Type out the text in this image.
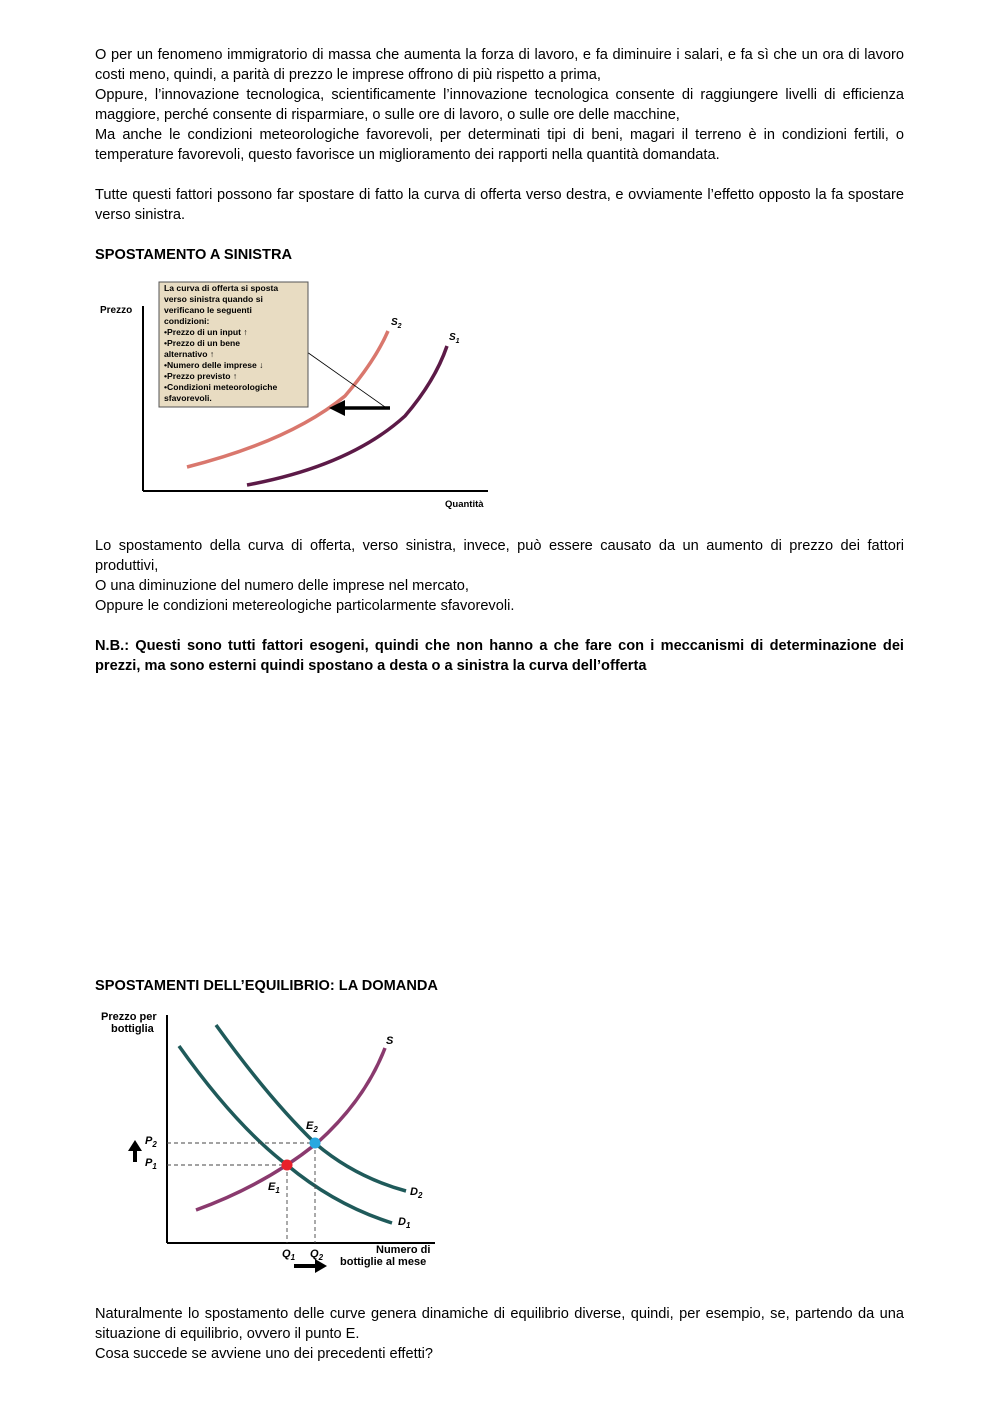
O per un fenomeno immigratorio di massa che aumenta la forza di lavoro, e fa diminuire i salari, e fa sì che un ora di lavoro costi meno, quindi, a parità di prezzo le imprese offrono di più rispetto a prima,

Oppure, l’innovazione tecnologica, scientificamente l’innovazione tecnologica consente di raggiungere livelli di efficienza maggiore, perché consente di risparmiare, o sulle ore di lavoro, o sulle ore delle macchine,

Ma anche le condizioni meteorologiche favorevoli, per determinati tipi di beni, magari il terreno è in condizioni fertili, o temperature favorevoli, questo favorisce un miglioramento dei rapporti nella quantità domandata.

Tutte questi fattori possono far spostare di fatto la curva di offerta verso destra, e ovviamente l’effetto opposto la fa spostare verso sinistra.

SPOSTAMENTO A SINISTRA
Prezzo
Quantità
$S_2$
$S_1$
La curva di offerta si sposta
verso sinistra quando si
verificano le seguenti
condizioni:
•Prezzo di un input ↑
•Prezzo di un bene
alternativo ↑
•Numero delle imprese ↓
•Prezzo previsto ↑
•Condizioni meteorologiche
sfavorevoli.

Lo spostamento della curva di offerta, verso sinistra, invece, può essere causato da un aumento di prezzo dei fattori produttivi,

O una diminuzione del numero delle imprese nel mercato,

Oppure le condizioni metereologiche particolarmente sfavorevoli.

N.B.: Questi sono tutti fattori esogeni, quindi che non hanno a che fare con i meccanismi di determinazione dei prezzi, ma sono esterni quindi spostano a desta o a sinistra la curva dell’offerta

SPOSTAMENTI DELL’EQUILIBRIO: LA DOMANDA
Prezzo per
bottiglia
S
$D_2$
$D_1$
$E_2$
$E_1$
$P_2$
$P_1$
$Q_1$ $Q_2$
Numero di
bottiglie al mese

Naturalmente lo spostamento delle curve genera dinamiche di equilibrio diverse, quindi, per esempio, se, partendo da una situazione di equilibrio, ovvero il punto E.

Cosa succede se avviene uno dei precedenti effetti?
